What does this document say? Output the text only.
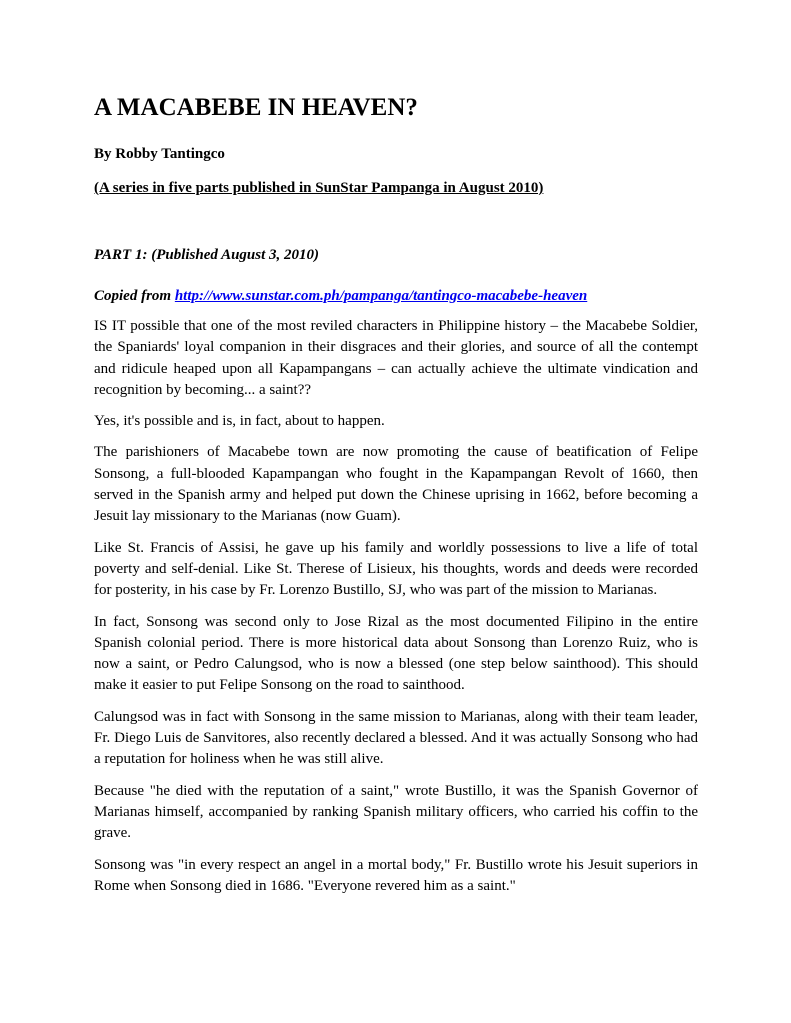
A MACABEBE IN HEAVEN?

By Robby Tantingco

(A series in five parts published in SunStar Pampanga in August 2010)

PART 1: (Published August 3, 2010)

Copied from http://www.sunstar.com.ph/pampanga/tantingco-macabebe-heaven

IS IT possible that one of the most reviled characters in Philippine history – the Macabebe Soldier, the Spaniards' loyal companion in their disgraces and their glories, and source of all the contempt and ridicule heaped upon all Kapampangans – can actually achieve the ultimate vindication and recognition by becoming... a saint??

Yes, it's possible and is, in fact, about to happen.

The parishioners of Macabebe town are now promoting the cause of beatification of Felipe Sonsong, a full-blooded Kapampangan who fought in the Kapampangan Revolt of 1660, then served in the Spanish army and helped put down the Chinese uprising in 1662, before becoming a Jesuit lay missionary to the Marianas (now Guam).

Like St. Francis of Assisi, he gave up his family and worldly possessions to live a life of total poverty and self-denial. Like St. Therese of Lisieux, his thoughts, words and deeds were recorded for posterity, in his case by Fr. Lorenzo Bustillo, SJ, who was part of the mission to Marianas.

In fact, Sonsong was second only to Jose Rizal as the most documented Filipino in the entire Spanish colonial period. There is more historical data about Sonsong than Lorenzo Ruiz, who is now a saint, or Pedro Calungsod, who is now a blessed (one step below sainthood). This should make it easier to put Felipe Sonsong on the road to sainthood.

Calungsod was in fact with Sonsong in the same mission to Marianas, along with their team leader, Fr. Diego Luis de Sanvitores, also recently declared a blessed. And it was actually Sonsong who had a reputation for holiness when he was still alive.

Because "he died with the reputation of a saint," wrote Bustillo, it was the Spanish Governor of Marianas himself, accompanied by ranking Spanish military officers, who carried his coffin to the grave.

Sonsong was "in every respect an angel in a mortal body," Fr. Bustillo wrote his Jesuit superiors in Rome when Sonsong died in 1686. "Everyone revered him as a saint."
